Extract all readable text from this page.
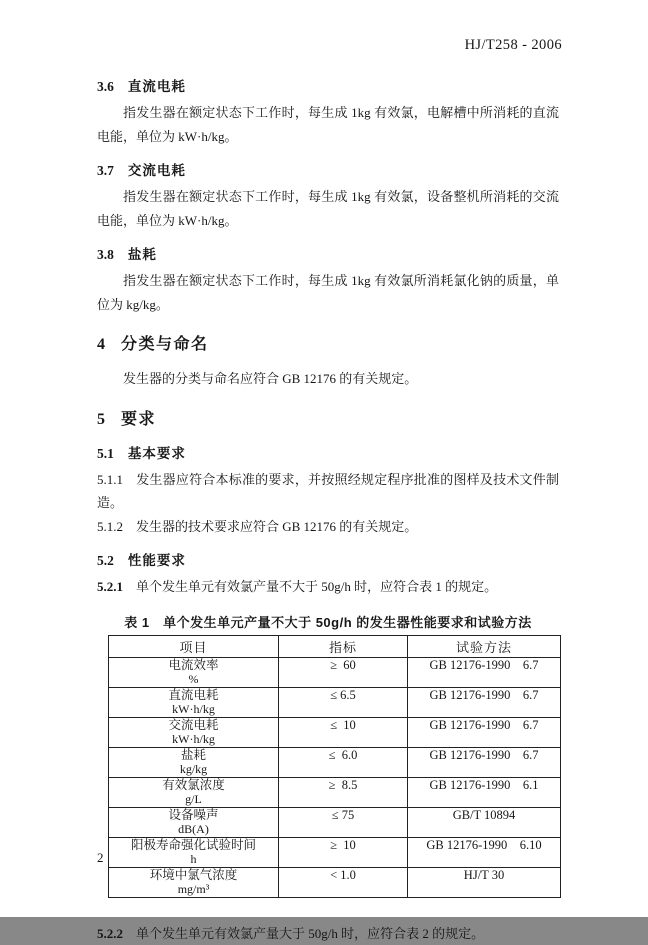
HJ/T258 - 2006
3.6 直流电耗

指发生器在额定状态下工作时，每生成 1kg 有效氯，电解槽中所消耗的直流电能，单位为 kW·h/kg。

3.7 交流电耗

指发生器在额定状态下工作时，每生成 1kg 有效氯，设备整机所消耗的交流电能，单位为 kW·h/kg。

3.8 盐耗

指发生器在额定状态下工作时，每生成 1kg 有效氯所消耗氯化钠的质量，单位为 kg/kg。

4 分类与命名

发生器的分类与命名应符合 GB 12176 的有关规定。

5 要求
5.1 基本要求

5.1.1 发生器应符合本标准的要求，并按照经规定程序批准的图样及技术文件制造。

5.1.2 发生器的技术要求应符合 GB 12176 的有关规定。

5.2 性能要求

5.2.1 单个发生单元有效氯产量不大于 50g/h 时，应符合表 1 的规定。

表 1　单个发生单元产量不大于 50g/h 的发生器性能要求和试验方法
项目	指标	试验方法

电流效率
%	≥ 60	GB 12176-1990　6.7

直流电耗
kW·h/kg	≤ 6.5	GB 12176-1990　6.7

交流电耗
kW·h/kg	≤ 10	GB 12176-1990　6.7

盐耗
kg/kg	≤ 6.0	GB 12176-1990　6.7

有效氯浓度
g/L	≥ 8.5	GB 12176-1990　6.1

设备噪声
dB(A)	≤ 75	GB/T 10894

阳极寿命强化试验时间
h	≥ 10	GB 12176-1990　6.10

环境中氯气浓度
mg/m³	< 1.0	HJ/T 30

5.2.2 单个发生单元有效氯产量大于 50g/h 时，应符合表 2 的规定。

2
